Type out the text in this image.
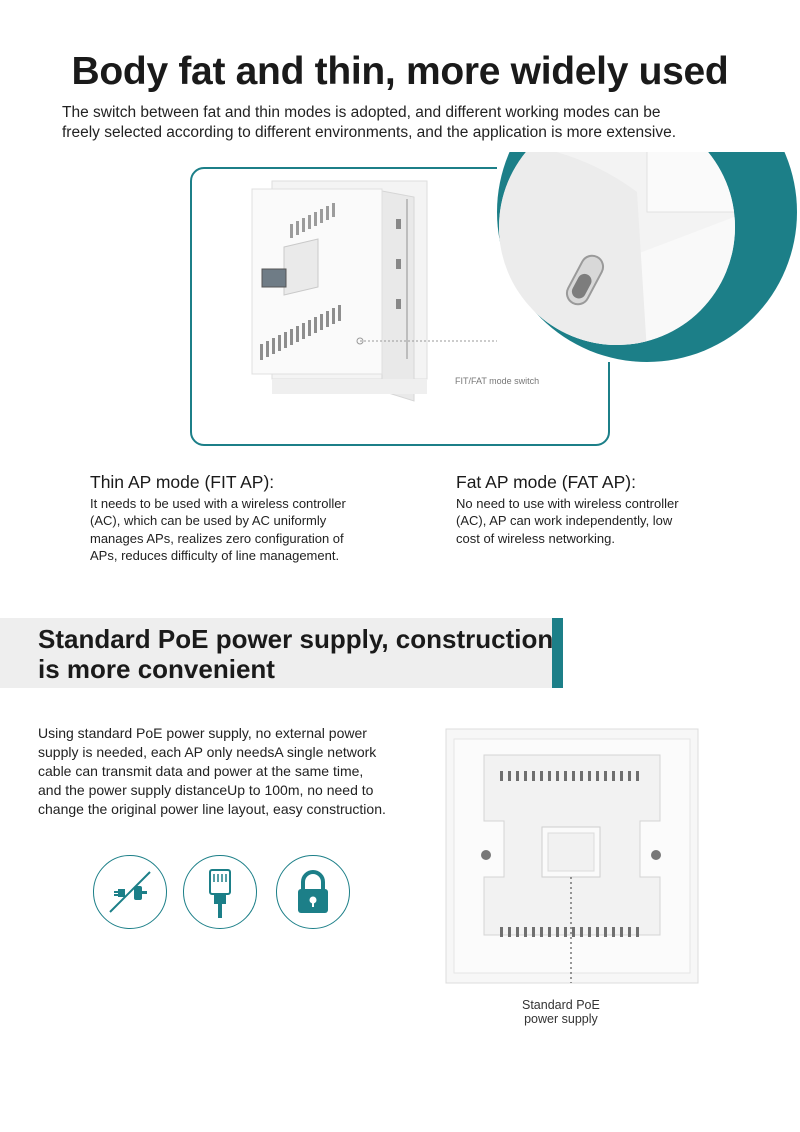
Body fat and thin, more widely used

The switch between fat and thin modes is adopted, and different working modes can be
freely selected according to different environments, and the application is more extensive.

FIT/FAT mode switch
Thin AP mode (FIT AP):
It needs to be used with a wireless controller
(AC), which can be used by AC uniformly
manages APs, realizes zero configuration of
APs, reduces difficulty of line management.
Fat AP mode (FAT AP):
No need to use with wireless controller
(AC), AP can work independently, low
cost of wireless networking.
Standard PoE power supply, construction
is more convenient

Using standard PoE power supply, no external power
supply is needed, each AP only needsA single network
cable can transmit data and power at the same time,
and the power supply distanceUp to 100m, no need to
change the original power line layout, easy construction.

Standard PoE
power supply
